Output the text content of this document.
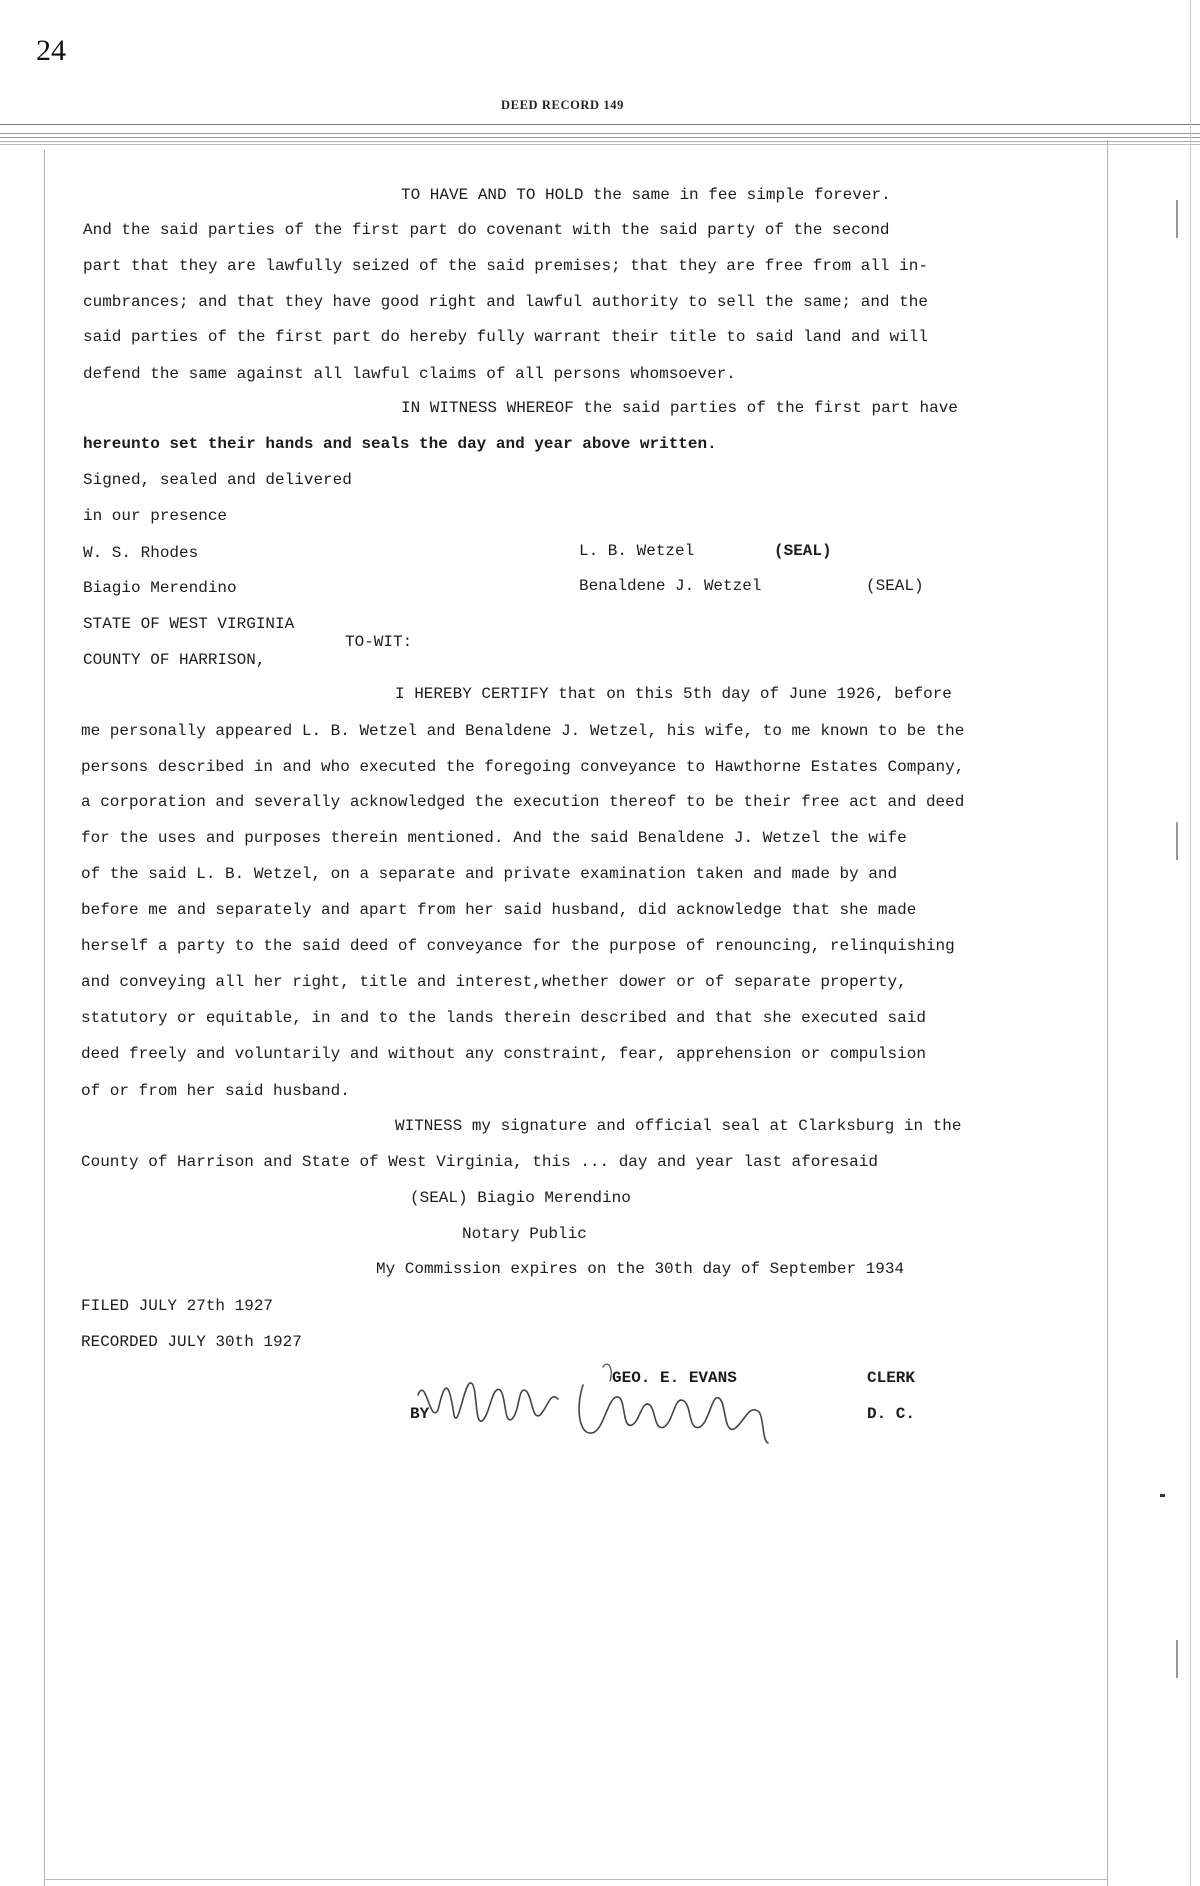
24
DEED RECORD 149
TO HAVE AND TO HOLD the same in fee simple forever.
And the said parties of the first part do covenant with the said party of the second
part that they are lawfully seized of the said premises; that they are free from all in-
cumbrances; and that they have good right and lawful authority to sell the same; and the
said parties of the first part do hereby fully warrant their title to said land and will
defend the same against all lawful claims of all persons whomsoever.
IN WITNESS WHEREOF the said parties of the first part have
hereunto set their hands and seals the day and year above written.
Signed, sealed and delivered
in our presence
W. S. Rhodes	L. B. Wetzel	(SEAL)
Biagio Merendino	Benaldene J. Wetzel	(SEAL)
STATE OF WEST VIRGINIA
TO-WIT:
COUNTY OF HARRISON,
I HEREBY CERTIFY that on this 5th day of June 1926, before
me personally appeared L. B. Wetzel and Benaldene J. Wetzel, his wife, to me known to be the
persons described in and who executed the foregoing conveyance to Hawthorne Estates Company,
a corporation and severally acknowledged the execution thereof to be their free act and deed
for the uses and purposes therein mentioned. And the said Benaldene J. Wetzel the wife
of the said L. B. Wetzel, on a separate and private examination taken and made by and
before me and separately and apart from her said husband, did acknowledge that she made
herself a party to the said deed of conveyance for the purpose of renouncing, relinquishing
and conveying all her right, title and interest,whether dower or of separate property,
statutory or equitable, in and to the lands therein described and that she executed said
deed freely and voluntarily and without any constraint, fear, apprehension or compulsion
of or from her said husband.
WITNESS my signature and official seal at Clarksburg in the
County of Harrison and State of West Virginia, this ... day and year last aforesaid
(SEAL) Biagio Merendino
Notary Public
My Commission expires on the 30th day of September 1934
FILED JULY 27th 1927
RECORDED JULY 30th 1927
GEO. E. EVANS	CLERK
BY	D. C.
